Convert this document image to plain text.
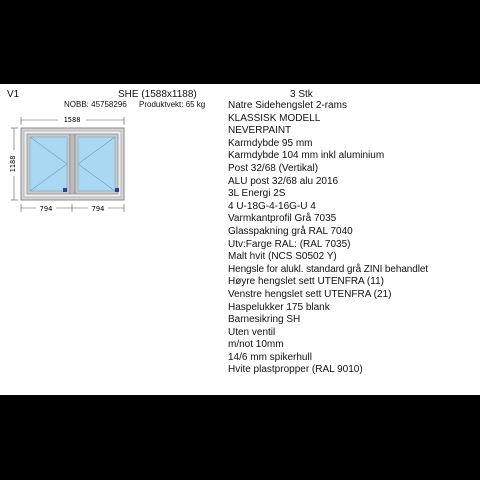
V1	SHE (1588x1188)	3 Stk
NOBB: 45758296 Produktvekt: 65 kg
1588
1188
794	794
Natre Sidehengslet 2-rams
KLASSISK MODELL
NEVERPAINT
Karmdybde 95 mm
Karmdybde 104 mm inkl aluminium
Post 32/68 (Vertikal)
ALU post 32/68 alu 2016
3L Energi 2S
4 U-18G-4-16G-U 4
Varmkantprofil Grå 7035
Glasspakning grå RAL 7040
Utv:Farge RAL: (RAL 7035)
Malt hvit (NCS S0502 Y)
Hengsle for alukl. standard grå ZINI behandlet
Høyre hengslet sett UTENFRA (11)
Venstre hengslet sett UTENFRA (21)
Haspelukker 175 blank
Barnesikring SH
Uten ventil
m/not 10mm
14/6 mm spikerhull
Hvite plastpropper (RAL 9010)
